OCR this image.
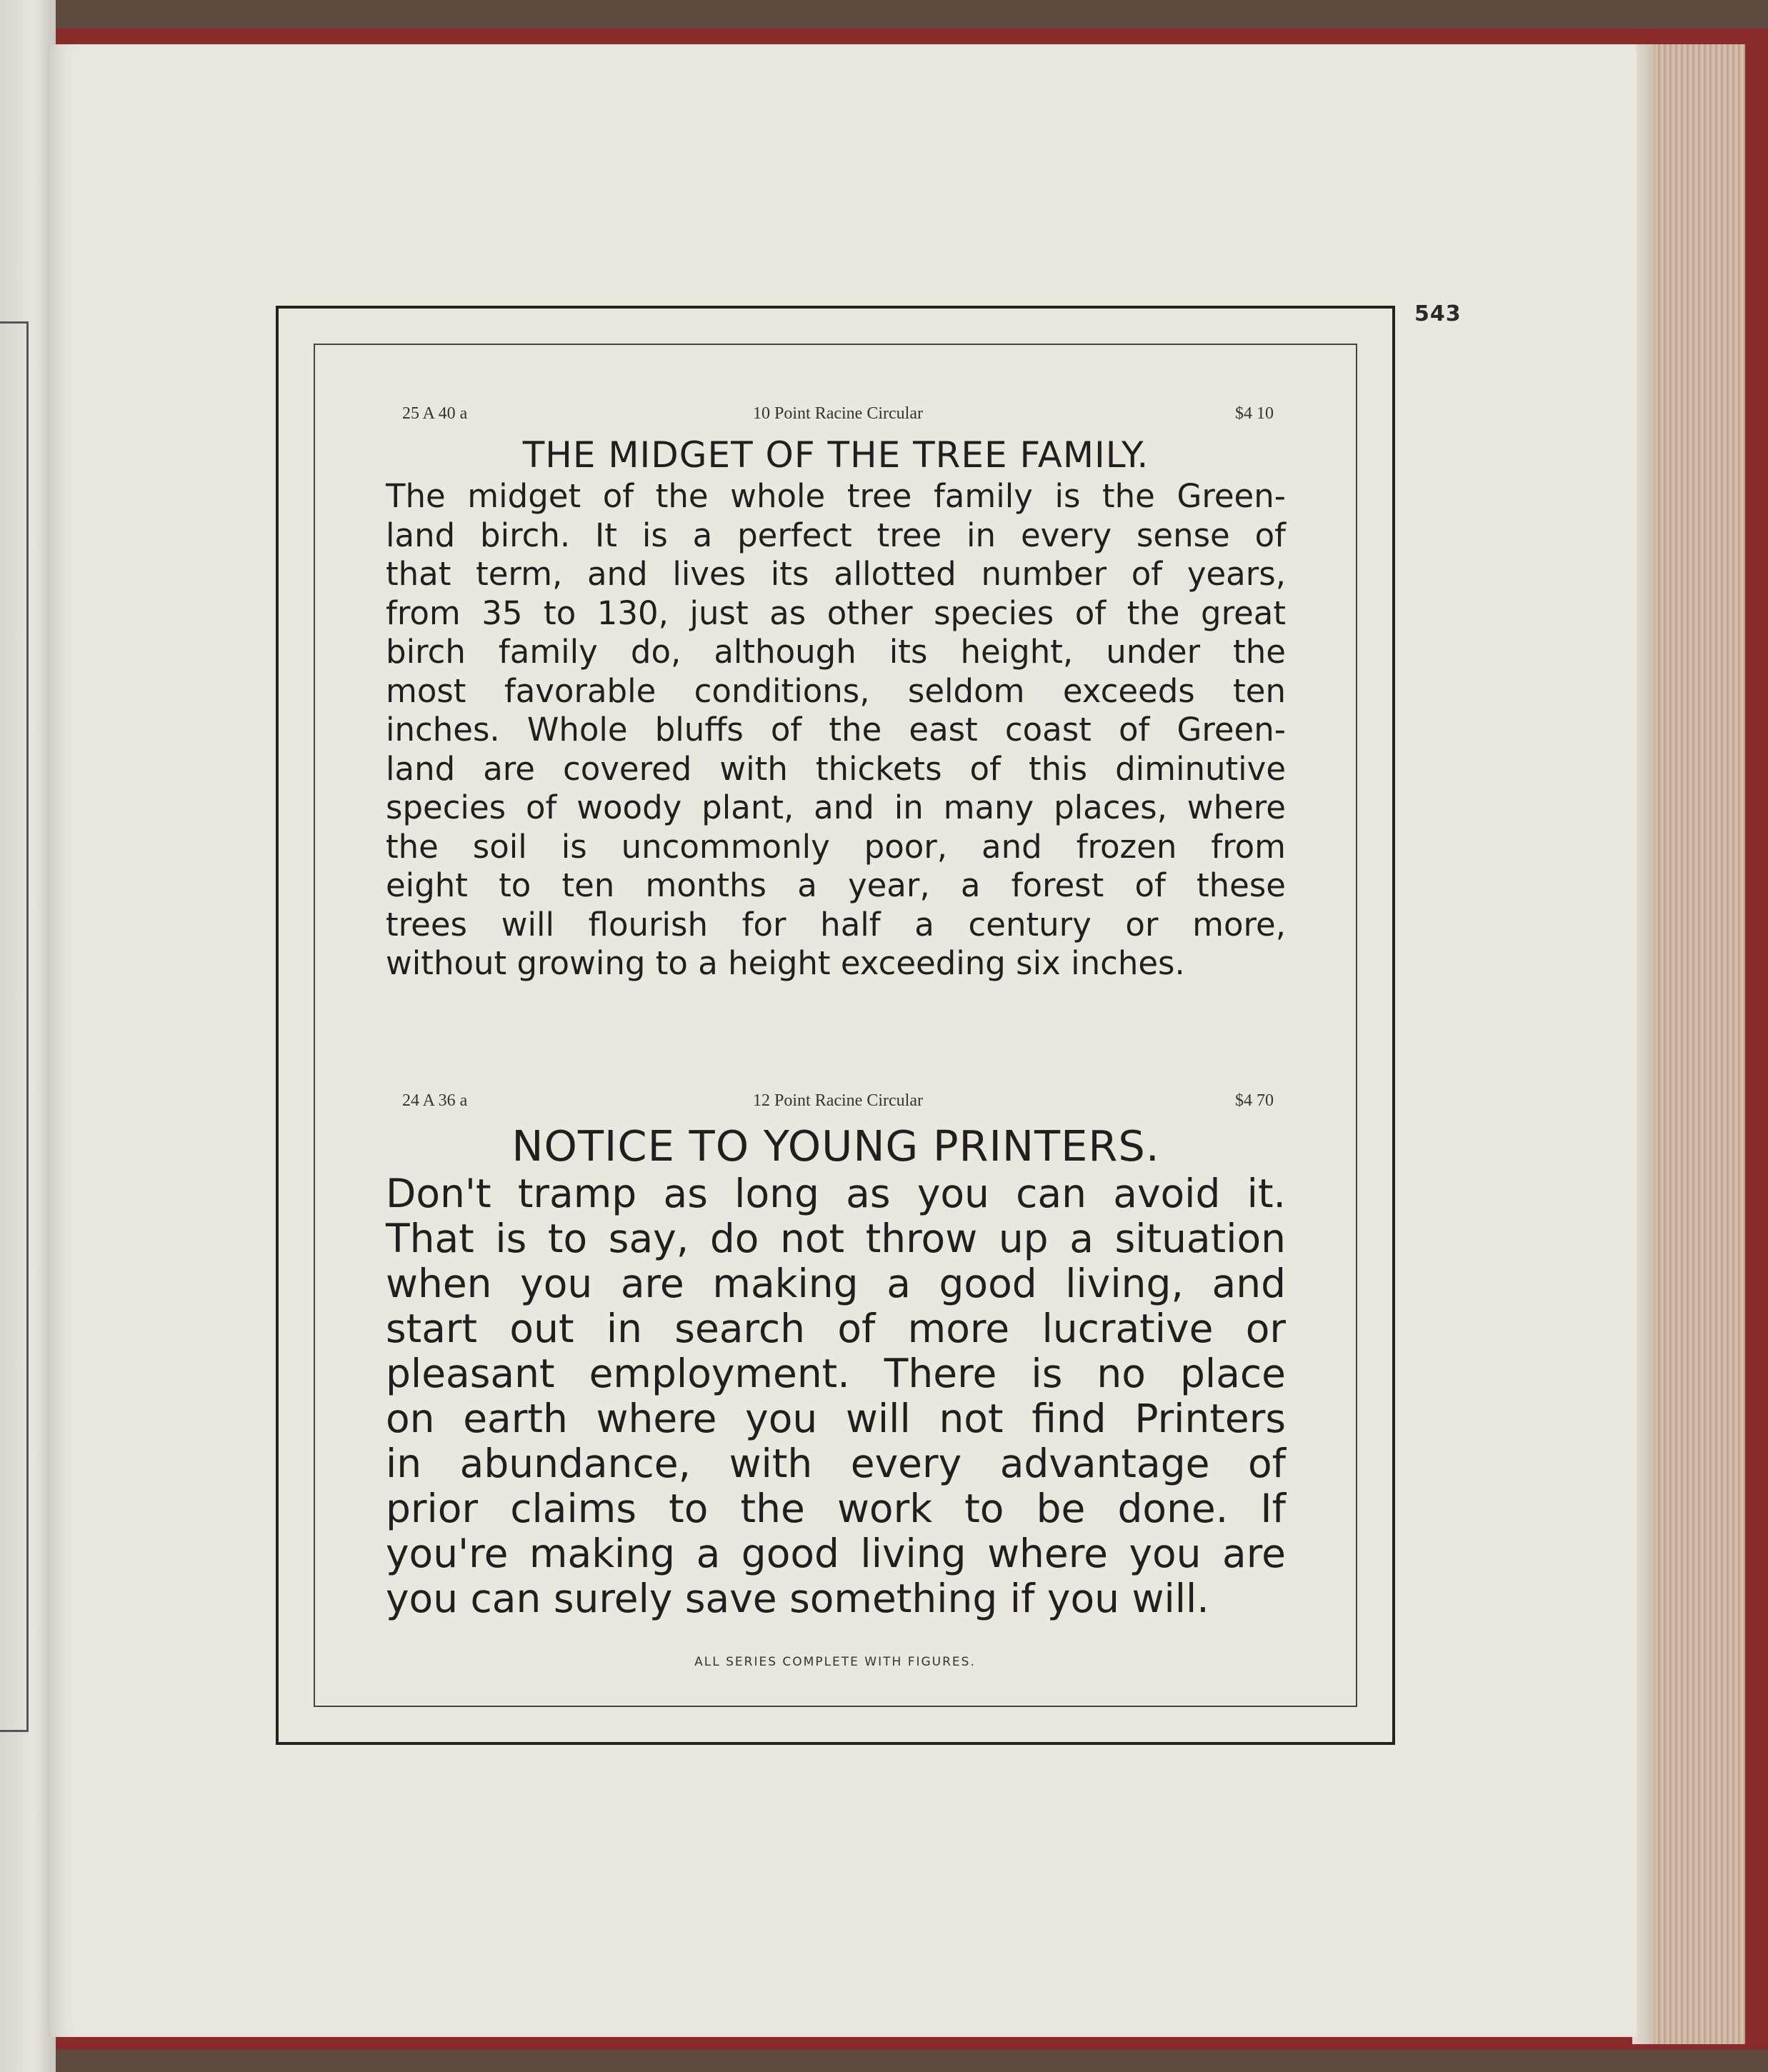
543
25 A 40 a	10 Point Racine Circular	$4 10
THE MIDGET OF THE TREE FAMILY.
The midget of the whole tree family is the Green-
land birch. It is a perfect tree in every sense of
that term, and lives its allotted number of years,
from 35 to 130, just as other species of the great
birch family do, although its height, under the
most favorable conditions, seldom exceeds ten
inches. Whole bluffs of the east coast of Green-
land are covered with thickets of this diminutive
species of woody plant, and in many places, where
the soil is uncommonly poor, and frozen from
eight to ten months a year, a forest of these
trees will flourish for half a century or more,
without growing to a height exceeding six inches.
24 A 36 a	12 Point Racine Circular	$4 70
NOTICE TO YOUNG PRINTERS.
Don't tramp as long as you can avoid it.
That is to say, do not throw up a situation
when you are making a good living, and
start out in search of more lucrative or
pleasant employment. There is no place
on earth where you will not find Printers
in abundance, with every advantage of
prior claims to the work to be done. If
you're making a good living where you are
you can surely save something if you will.
ALL SERIES COMPLETE WITH FIGURES.
